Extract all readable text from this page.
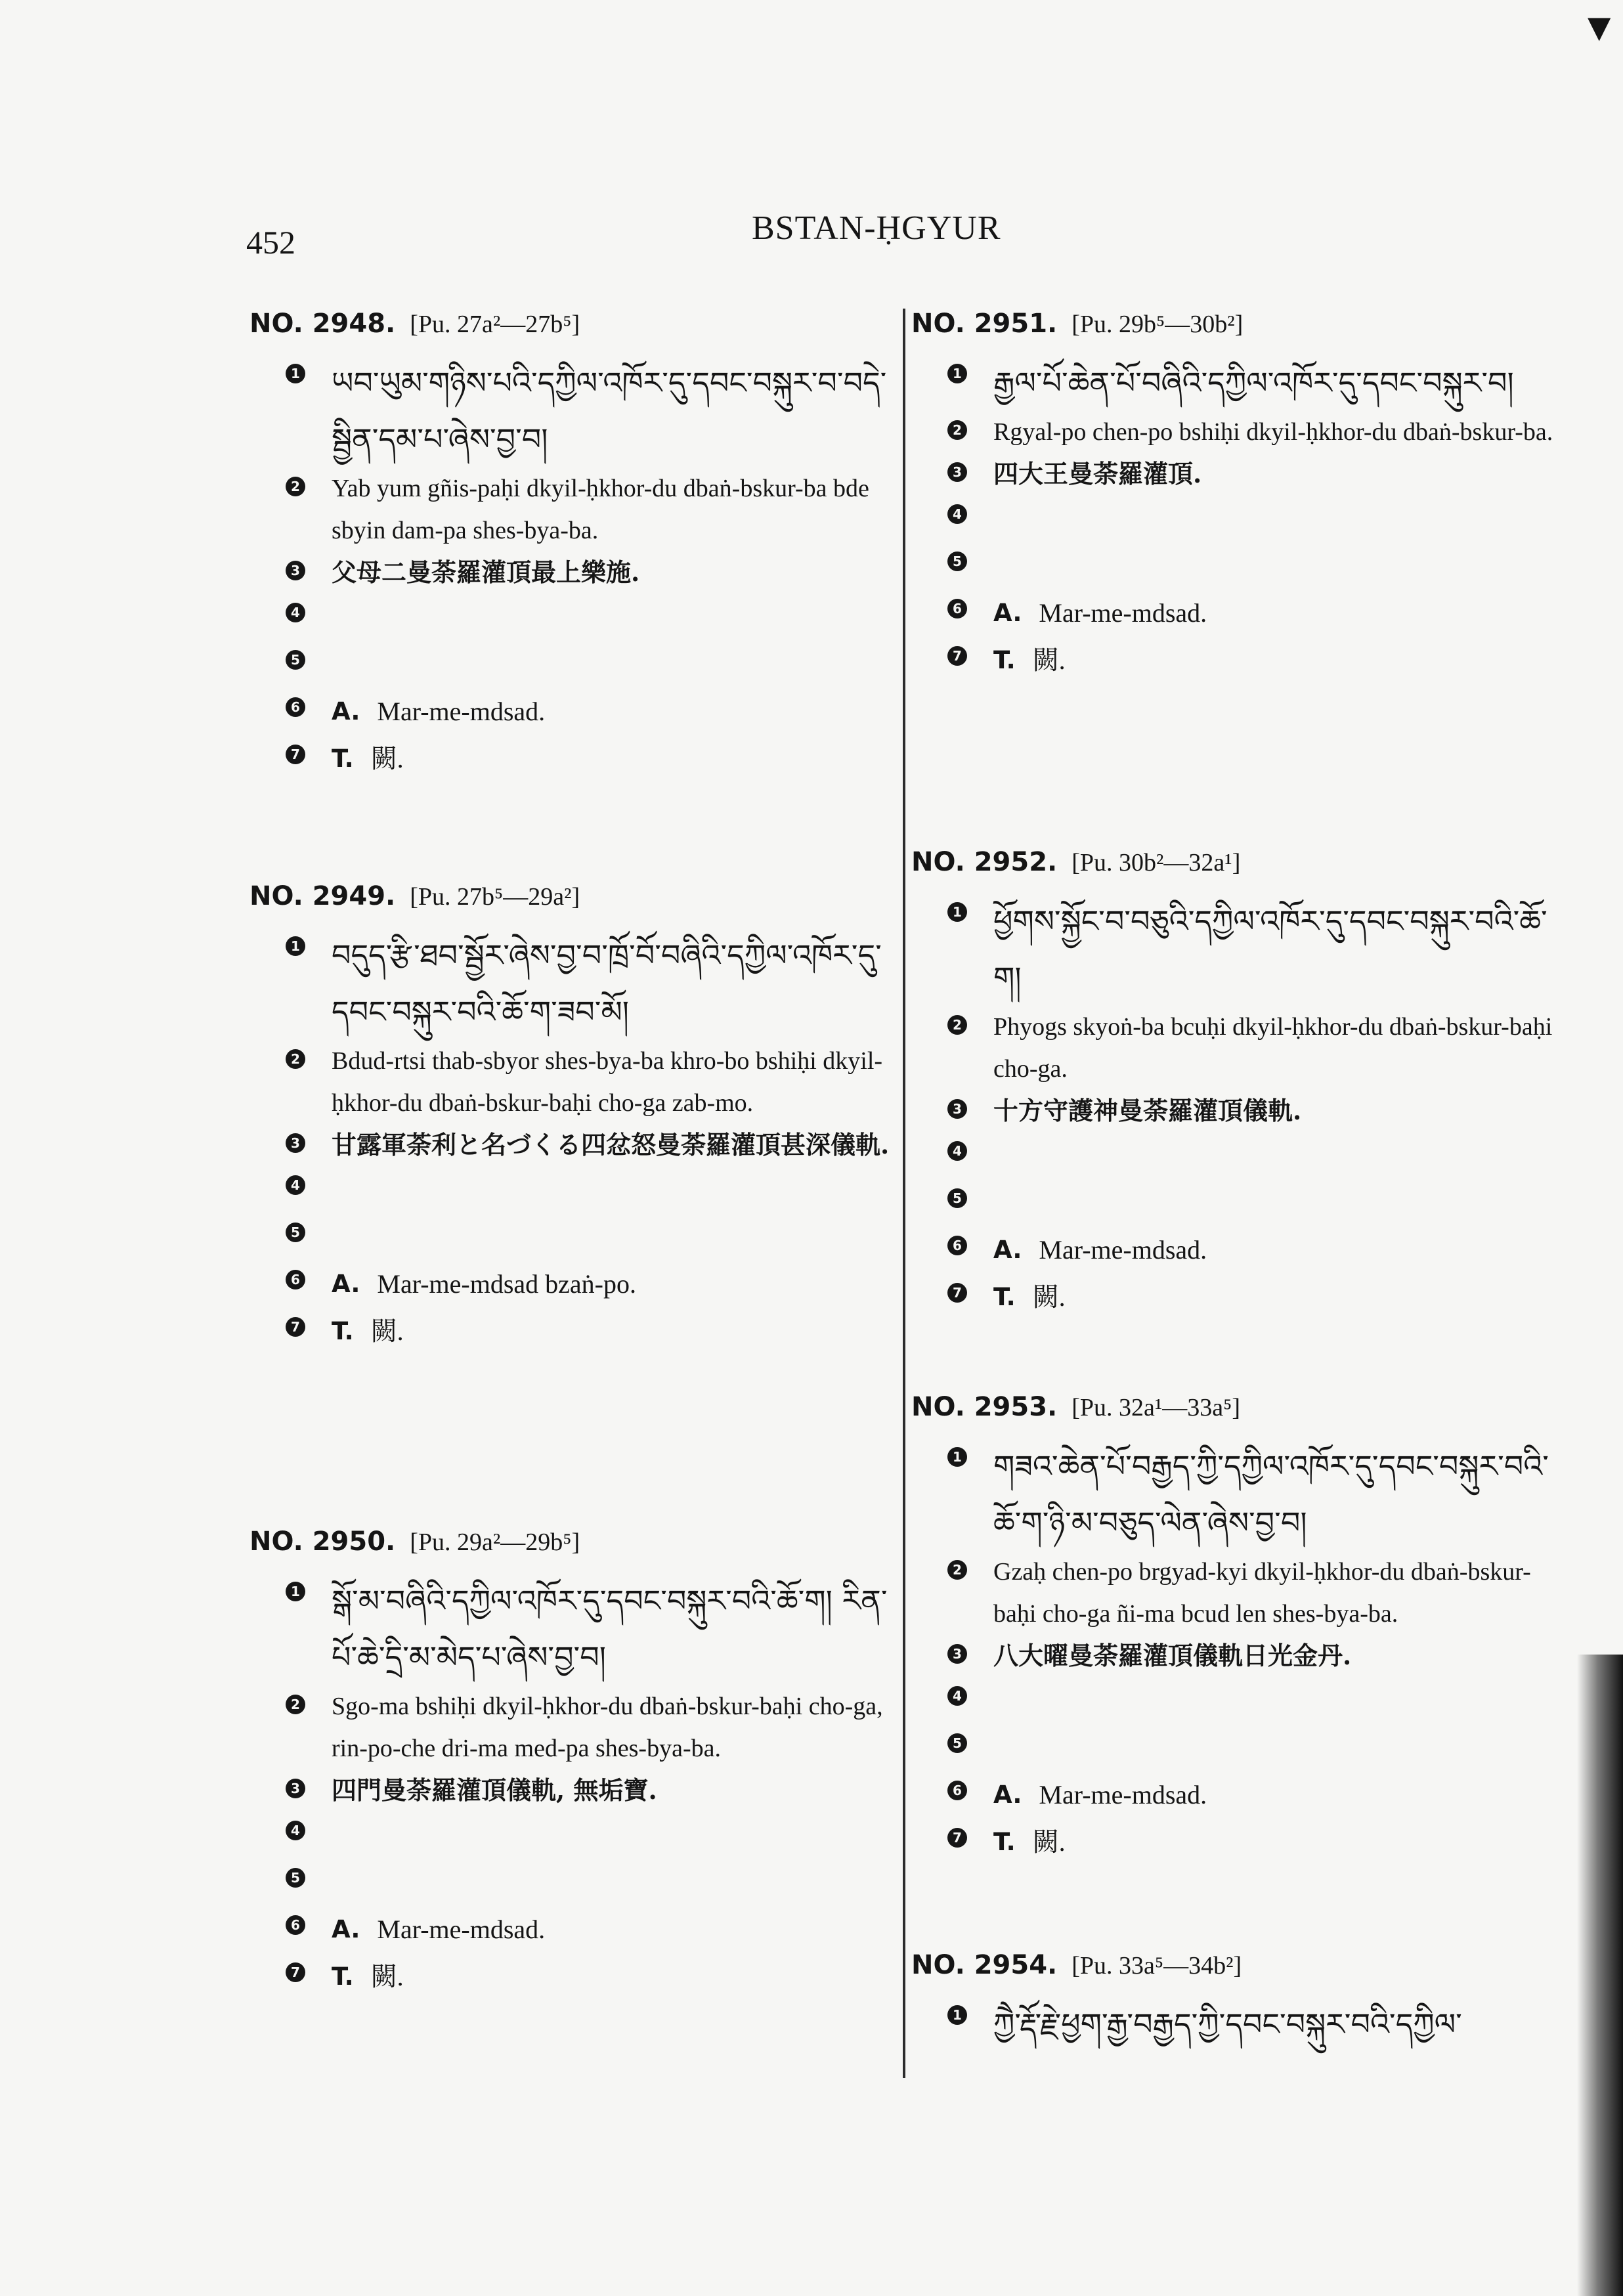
▼
452	BSTAN-ḤGYUR
NO. 2948. [Pu. 27a²—27b⁵]
1 ཡབ་ཡུམ་གཉིས་པའི་དཀྱིལ་འཁོར་དུ་དབང་བསྐུར་བ་བདེ་སྦྱིན་དམ་པ་ཞེས་བྱ་བ།
2 Yab yum gñis-paḥi dkyil-ḥkhor-du dbaṅ-bskur-ba bde sbyin dam-pa shes-bya-ba.
3 父母二曼荼羅灌頂最上樂施.
4
5
6 A. Mar-me-mdsad.
7 T. 闕.
NO. 2949. [Pu. 27b⁵—29a²]
1 བདུད་རྩི་ཐབ་སྦྱོར་ཞེས་བྱ་བ་ཁྲོ་བོ་བཞིའི་དཀྱིལ་འཁོར་དུ་དབང་བསྐུར་བའི་ཆོ་ག་ཟབ་མོ།
2 Bdud-rtsi thab-sbyor shes-bya-ba khro-bo bshiḥi dkyil-ḥkhor-du dbaṅ-bskur-baḥi cho-ga zab-mo.
3 甘露軍荼利と名づくる四忿怒曼荼羅灌頂甚深儀軌.
4
5
6 A. Mar-me-mdsad bzaṅ-po.
7 T. 闕.
NO. 2950. [Pu. 29a²—29b⁵]
1 སྒོ་མ་བཞིའི་དཀྱིལ་འཁོར་དུ་དབང་བསྐུར་བའི་ཆོ་ག། རིན་པོ་ཆེ་དྲི་མ་མེད་པ་ཞེས་བྱ་བ།
2 Sgo-ma bshiḥi dkyil-ḥkhor-du dbaṅ-bskur-baḥi cho-ga, rin-po-che dri-ma med-pa shes-bya-ba.
3 四門曼荼羅灌頂儀軌, 無垢寶.
4
5
6 A. Mar-me-mdsad.
7 T. 闕.
NO. 2951. [Pu. 29b⁵—30b²]
1 རྒྱལ་པོ་ཆེན་པོ་བཞིའི་དཀྱིལ་འཁོར་དུ་དབང་བསྐུར་བ།
2 Rgyal-po chen-po bshiḥi dkyil-ḥkhor-du dbaṅ-bskur-ba.
3 四大王曼荼羅灌頂.
4
5
6 A. Mar-me-mdsad.
7 T. 闕.
NO. 2952. [Pu. 30b²—32a¹]
1 ཕྱོགས་སྐྱོང་བ་བཅུའི་དཀྱིལ་འཁོར་དུ་དབང་བསྐུར་བའི་ཆོ་ག།
2 Phyogs skyoṅ-ba bcuḥi dkyil-ḥkhor-du dbaṅ-bskur-baḥi cho-ga.
3 十方守護神曼荼羅灌頂儀軌.
4
5
6 A. Mar-me-mdsad.
7 T. 闕.
NO. 2953. [Pu. 32a¹—33a⁵]
1 གཟའ་ཆེན་པོ་བརྒྱད་ཀྱི་དཀྱིལ་འཁོར་དུ་དབང་བསྐུར་བའི་ཆོ་ག་ཉི་མ་བཅུད་ལེན་ཞེས་བྱ་བ།
2 Gzaḥ chen-po brgyad-kyi dkyil-ḥkhor-du dbaṅ-bskur-baḥi cho-ga ñi-ma bcud len shes-bya-ba.
3 八大曜曼荼羅灌頂儀軌日光金丹.
4
5
6 A. Mar-me-mdsad.
7 T. 闕.
NO. 2954. [Pu. 33a⁵—34b²]
1 ཀྱཻ་རྡོ་རྗེ་ཕྱག་རྒྱ་བརྒྱད་ཀྱི་དབང་བསྐུར་བའི་དཀྱིལ་
